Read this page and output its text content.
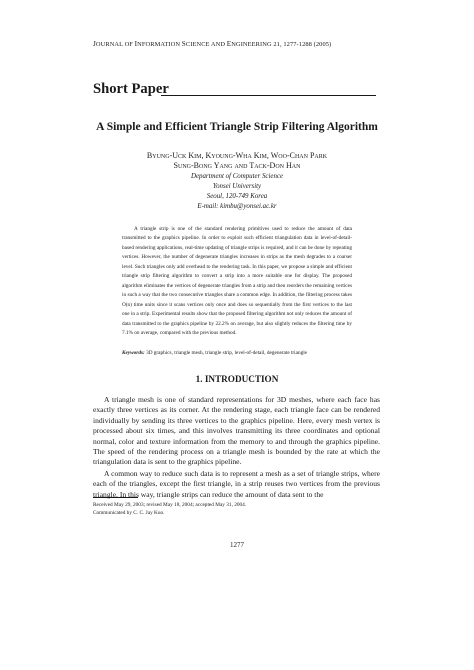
JOURNAL OF INFORMATION SCIENCE AND ENGINEERING 21, 1277-1288 (2005)
Short Paper
A Simple and Efficient Triangle Strip Filtering Algorithm
Byung-Uck Kim, Kyoung-Wha Kim, Woo-Chan Park
Sung-Bong Yang and Tack-Don Han
Department of Computer Science
Yonsei University
Seoul, 120-749 Korea
E-mail: kimbu@yonsei.ac.kr

A triangle strip is one of the standard rendering primitives used to reduce the amount of data transmitted to the graphics pipeline. In order to exploit such efficient triangulation data in level-of-detail-based rendering applications, real-time updating of triangle strips is required, and it can be done by repeating vertices. However, the number of degenerate triangles increases in strips as the mesh degrades to a coarser level. Such triangles only add overhead to the rendering task. In this paper, we propose a simple and efficient triangle strip filtering algorithm to convert a strip into a more suitable one for display. The proposed algorithm eliminates the vertices of degenerate triangles from a strip and then reorders the remaining vertices in such a way that the two consecutive triangles share a common edge. In addition, the filtering process takes O(n) time units since it scans vertices only once and does so sequentially from the first vertices to the last one in a strip. Experimental results show that the proposed filtering algorithm not only reduces the amount of data transmitted to the graphics pipeline by 22.2% on average, but also slightly reduces the filtering time by 7.1% on average, compared with the previous method.

Keywords: 3D graphics, triangle mesh, triangle strip, level-of-detail, degenerate triangle
1. INTRODUCTION

A triangle mesh is one of standard representations for 3D meshes, where each face has exactly three vertices as its corner. At the rendering stage, each triangle face can be rendered individually by sending its three vertices to the graphics pipeline. Here, every mesh vertex is processed about six times, and this involves transmitting its three coordinates and optional normal, color and texture information from the memory to and through the graphics pipeline. The speed of the rendering process on a triangle mesh is bounded by the rate at which the triangulation data is sent to the graphics pipeline.

A common way to reduce such data is to represent a mesh as a set of triangle strips, where each of the triangles, except the first triangle, in a strip reuses two vertices from the previous triangle. In this way, triangle strips can reduce the amount of data sent to the

Received May 29, 2003; revised May 18, 2004; accepted May 31, 2004.
Communicated by C. C. Jay Kuo.
1277
